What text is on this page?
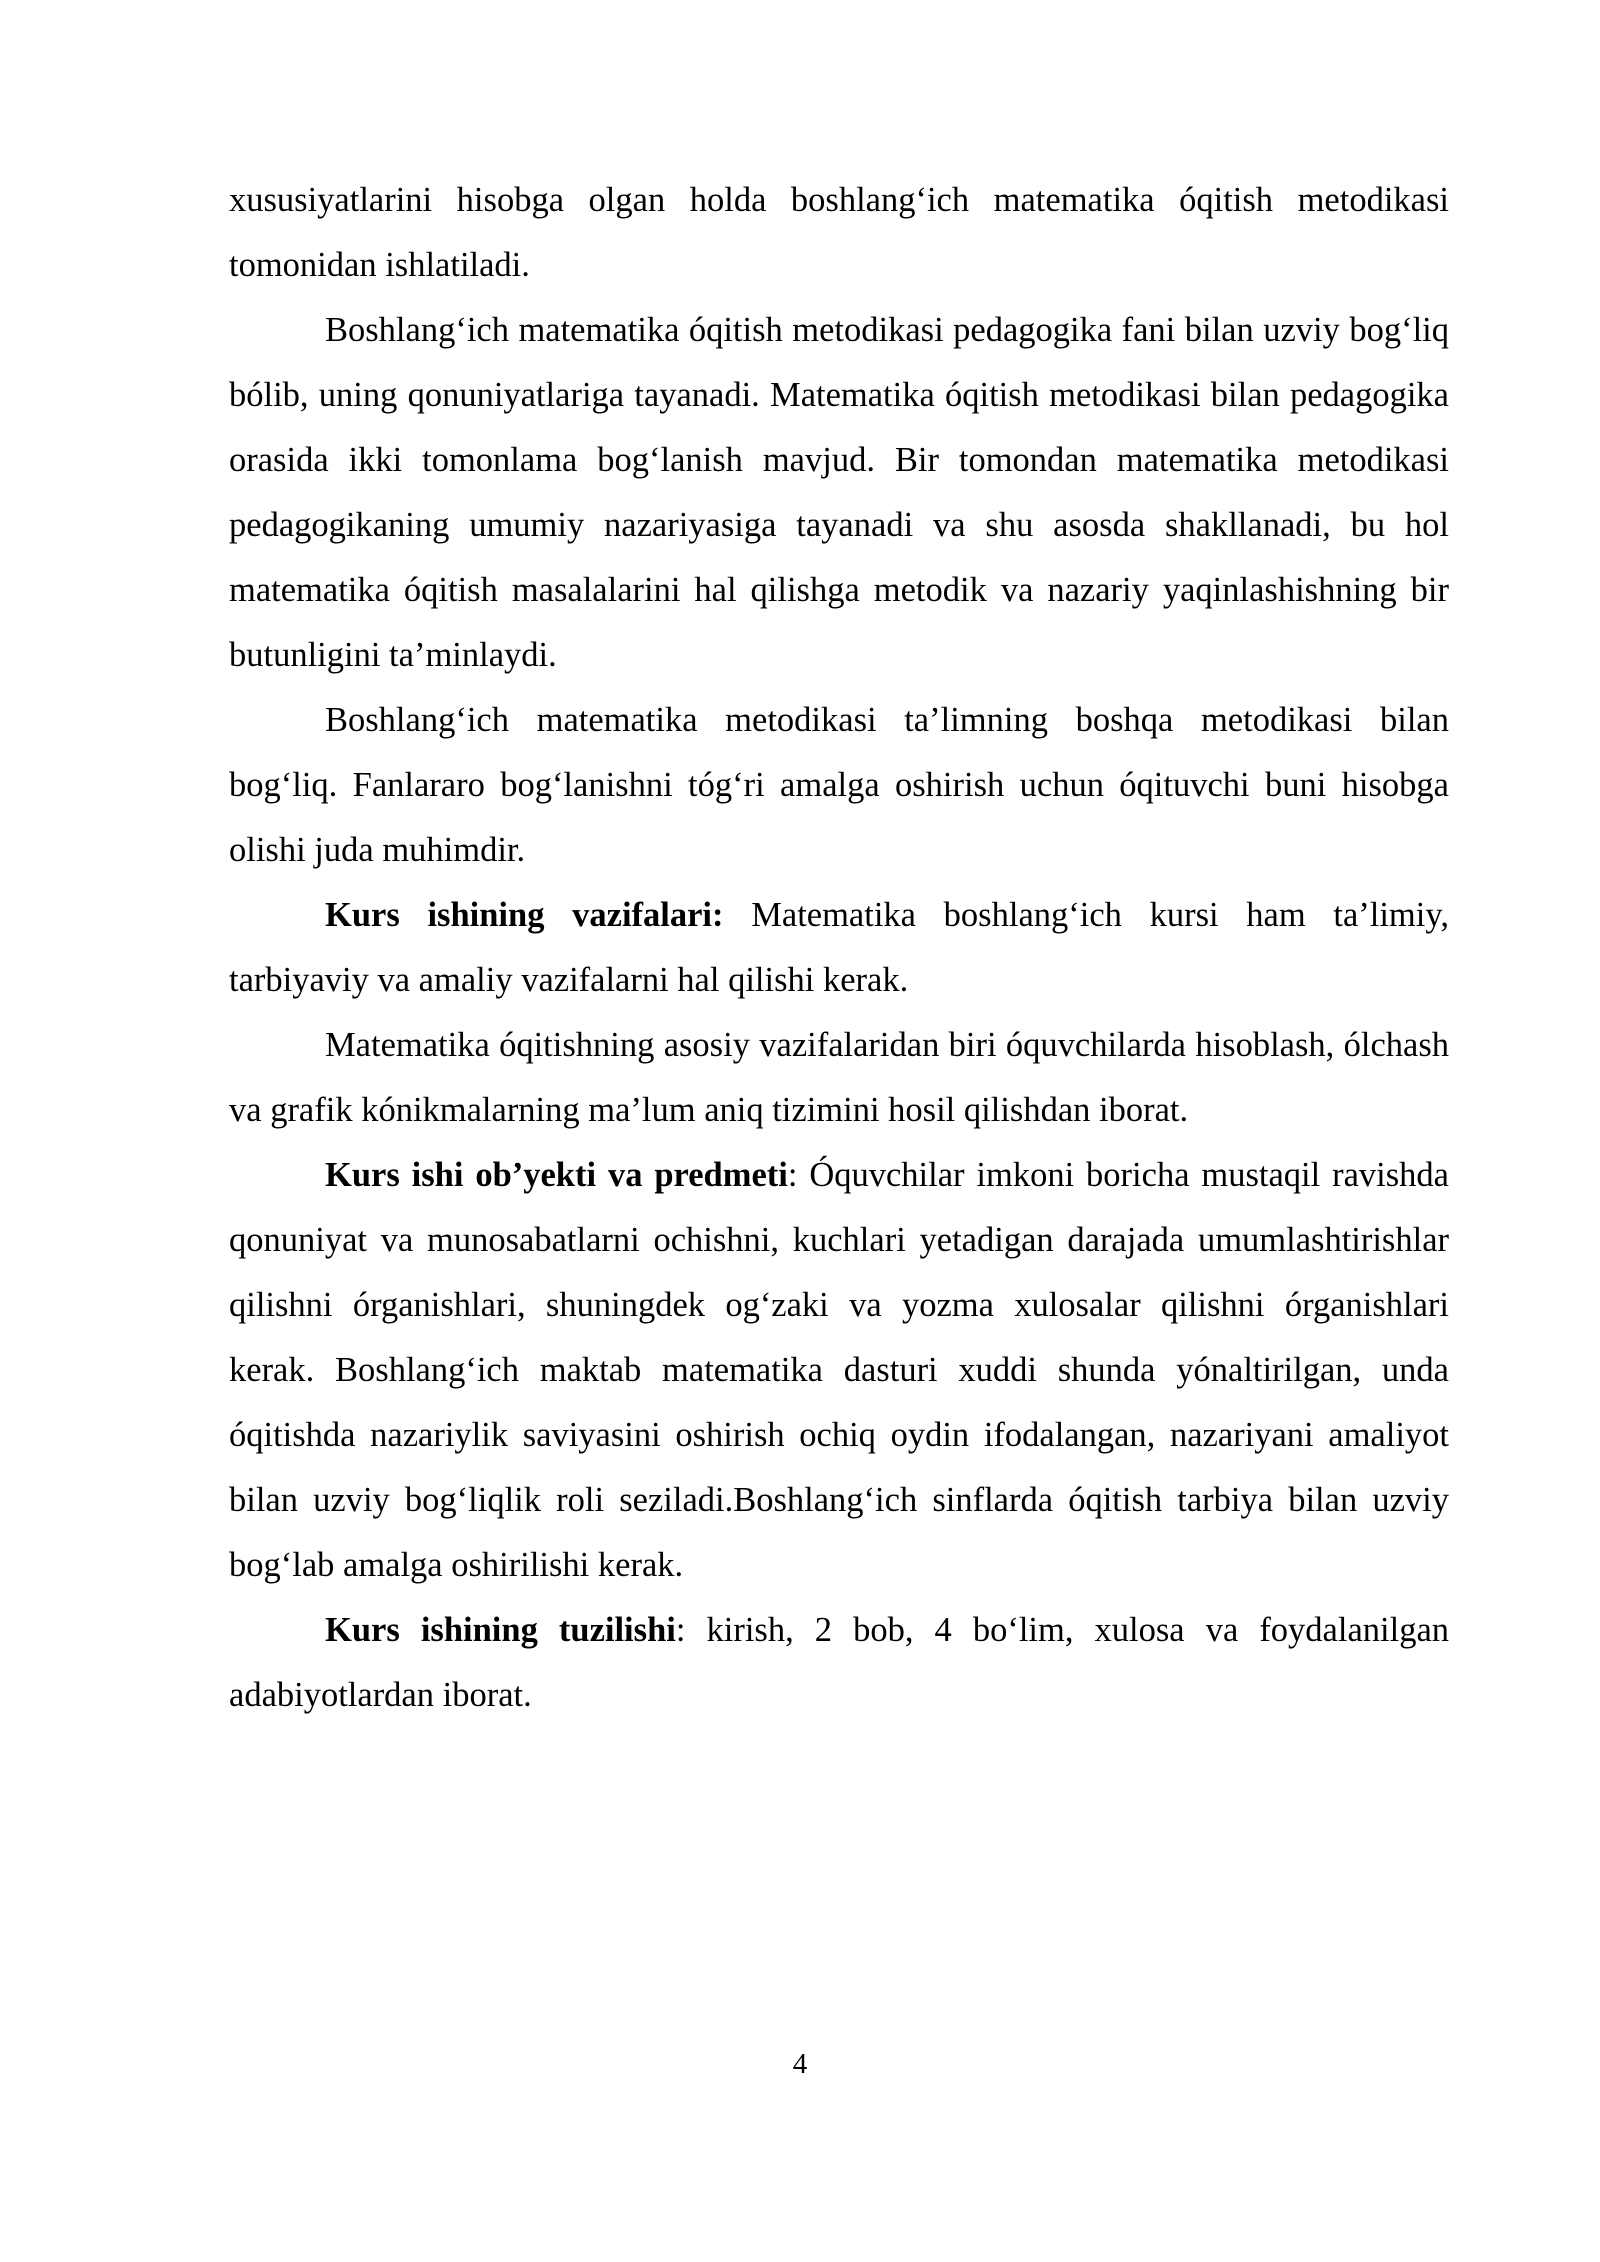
xususiyatlarini hisobga olgan holda boshlang‘ich matematika óqitish metodikasi tomonidan ishlatiladi.

Boshlang‘ich matematika óqitish metodikasi pedagogika fani bilan uzviy bog‘liq bólib, uning qonuniyatlariga tayanadi. Matematika óqitish metodikasi bilan pedagogika orasida ikki tomonlama bog‘lanish mavjud. Bir tomondan matematika metodikasi pedagogikaning umumiy nazariyasiga tayanadi va shu asosda shakllanadi, bu hol matematika óqitish masalalarini hal qilishga metodik va nazariy yaqinlashishning bir butunligini ta’minlaydi.

Boshlang‘ich matematika metodikasi ta’limning boshqa metodikasi bilan bog‘liq. Fanlararo bog‘lanishni tóg‘ri amalga oshirish uchun óqituvchi buni hisobga olishi juda muhimdir.

Kurs ishining vazifalari: Matematika boshlang‘ich kursi ham ta’limiy, tarbiyaviy va amaliy vazifalarni hal qilishi kerak.

Matematika óqitishning asosiy vazifalaridan biri óquvchilarda hisoblash, ólchash va grafik kónikmalarning ma’lum aniq tizimini hosil qilishdan iborat.

Kurs ishi ob’yekti va predmeti: Óquvchilar imkoni boricha mustaqil ravishda qonuniyat va munosabatlarni ochishni, kuchlari yetadigan darajada umumlashtirishlar qilishni órganishlari, shuningdek og‘zaki va yozma xulosalar qilishni órganishlari kerak. Boshlang‘ich maktab matematika dasturi xuddi shunda yónaltirilgan, unda óqitishda nazariylik saviyasini oshirish ochiq oydin ifodalangan, nazariyani amaliyot bilan uzviy bog‘liqlik roli seziladi.Boshlang‘ich sinflarda óqitish tarbiya bilan uzviy bog‘lab amalga oshirilishi kerak.

Kurs ishining tuzilishi: kirish, 2 bob, 4 bo‘lim, xulosa va foydalanilgan adabiyotlardan iborat.

4
